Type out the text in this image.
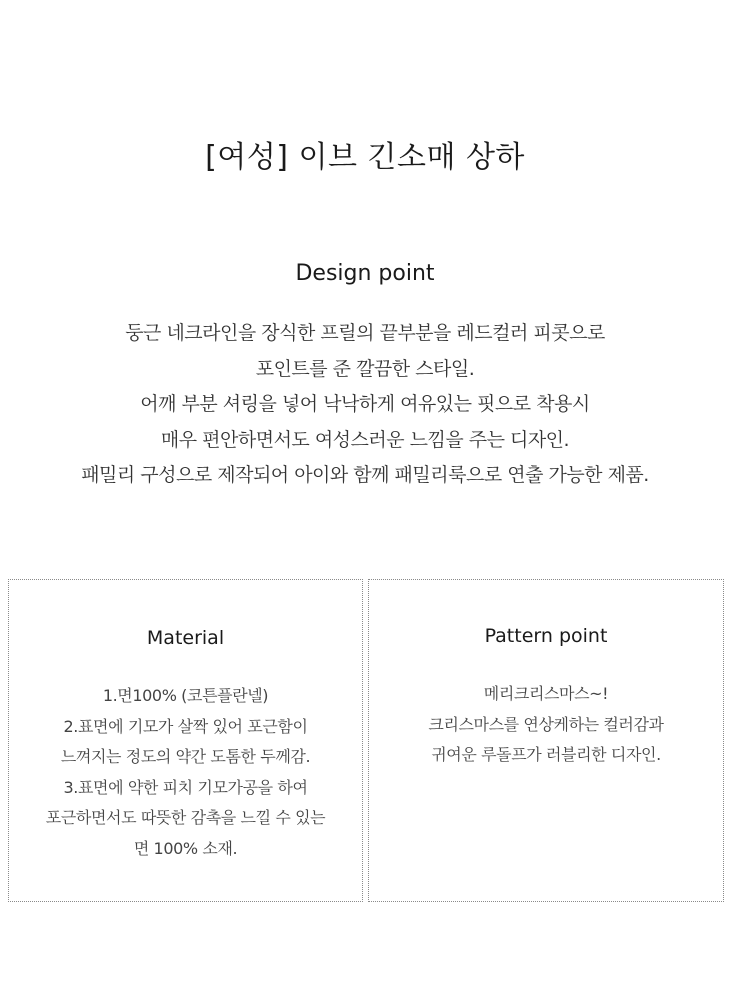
[여성] 이브 긴소매 상하
Design point
둥근 네크라인을 장식한 프릴의 끝부분을 레드컬러 피콧으로
포인트를 준 깔끔한 스타일.
어깨 부분 셔링을 넣어 낙낙하게 여유있는 핏으로 착용시
매우 편안하면서도 여성스러운 느낌을 주는 디자인.
패밀리 구성으로 제작되어 아이와 함께 패밀리룩으로 연출 가능한 제품.
Material
1.면100% (코튼플란넬)
2.표면에 기모가 살짝 있어 포근함이
느껴지는 정도의 약간 도톰한 두께감.
3.표면에 약한 피치 기모가공을 하여
포근하면서도 따뜻한 감촉을 느낄 수 있는
면 100% 소재.
Pattern point
메리크리스마스~!
크리스마스를 연상케하는 컬러감과
귀여운 루돌프가 러블리한 디자인.
